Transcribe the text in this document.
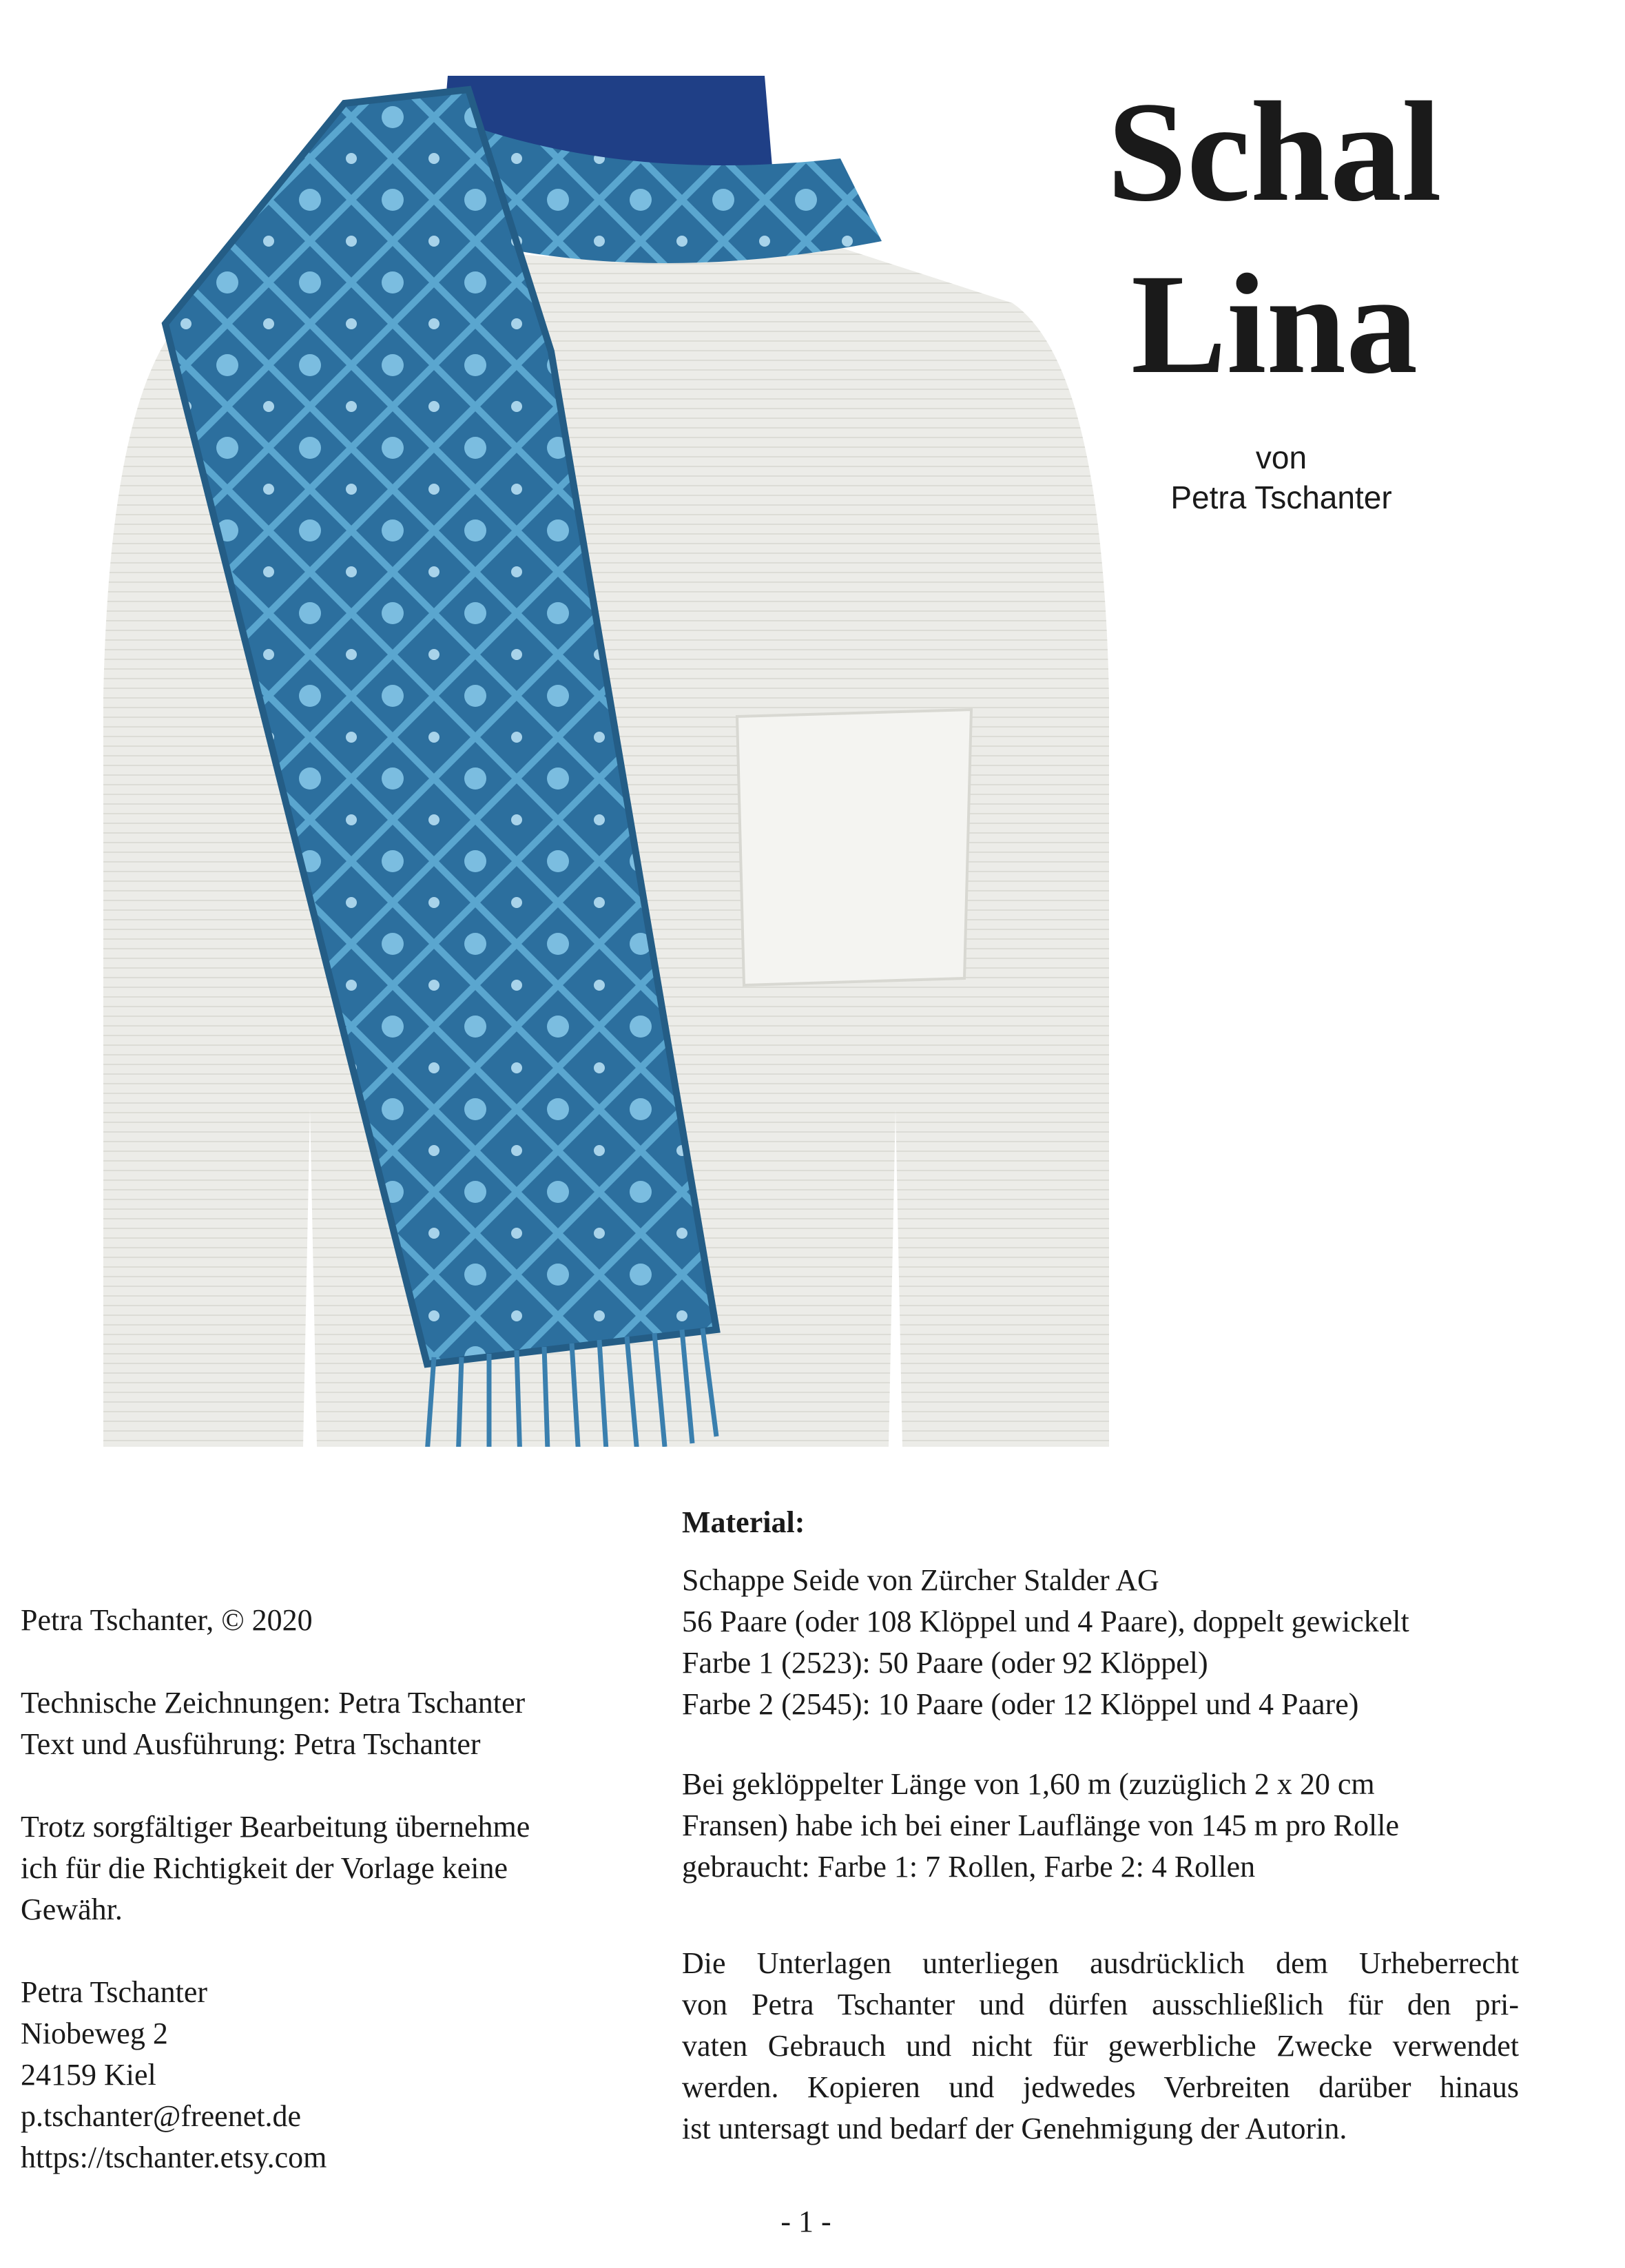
Schal
Lina
von
Petra Tschanter

Petra Tschanter, © 2020

Technische Zeichnungen: Petra Tschanter
Text und Ausführung: Petra Tschanter

Trotz sorgfältiger Bearbeitung übernehme
ich für die Richtigkeit der Vorlage keine
Gewähr.

Petra Tschanter
Niobeweg 2
24159 Kiel
p.tschanter@freenet.de
https://tschanter.etsy.com

Material:

Schappe Seide von Zürcher Stalder AG
56 Paare (oder 108 Klöppel und 4 Paare), doppelt gewickelt
Farbe 1 (2523): 50 Paare (oder 92 Klöppel)
Farbe 2 (2545): 10 Paare (oder 12 Klöppel und 4 Paare)

Bei geklöppelter Länge von 1,60 m (zuzüglich 2 x 20 cm
Fransen) habe ich bei einer Lauflänge von 145 m pro Rolle
gebraucht: Farbe 1: 7 Rollen, Farbe 2: 4 Rollen

Die Unterlagen unterliegen ausdrücklich dem Urheberrecht
von Petra Tschanter und dürfen ausschließlich für den pri-
vaten Gebrauch und nicht für gewerbliche Zwecke verwendet
werden. Kopieren und jedwedes Verbreiten darüber hinaus
ist untersagt und bedarf der Genehmigung der Autorin.

- 1 -
